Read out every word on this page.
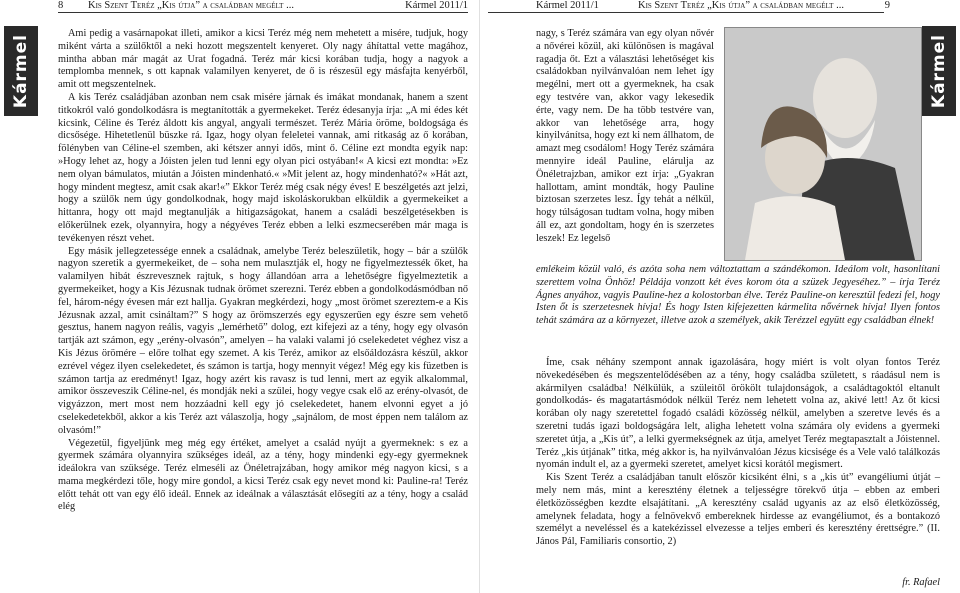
8 Kis Szent Teréz „Kis útja” a családban megélt ...	Kármel 2011/1
Kármel

Ami pedig a vasárnapokat illeti, amikor a kicsi Teréz még nem mehetett a misére, tudjuk, hogy miként várta a szülőktől a neki hozott megszentelt kenyeret. Oly nagy áhítattal vette magához, mintha abban már magát az Urat fogadná. Teréz már kicsi korában tudja, hogy a nagyok a templomba mennek, s ott kapnak valamilyen kenyeret, de ő is részesül egy másfajta kenyérből, amit ott megszentelnek.

A kis Teréz családjában azonban nem csak misére járnak és imákat mondanak, hanem a szent titkokról való gondolkodásra is megtanították a gyermekeket. Teréz édesanyja írja: „A mi édes két kicsink, Céline és Teréz áldott kis angyal, angyali természet. Teréz Mária öröme, boldogsága és dicsősége. Hihetetlenül büszke rá. Igaz, hogy olyan feleletei vannak, ami ritkaság az ő korában, fölényben van Céline-el szemben, aki kétszer annyi idős, mint ő. Céline ezt mondta egyik nap: »Hogy lehet az, hogy a Jóisten jelen tud lenni egy olyan pici ostyában!« A kicsi ezt mondta: »Ez nem olyan bámulatos, miután a Jóisten mindenható.« »Mit jelent az, hogy mindenható?« »Hát azt, hogy mindent megtesz, amit csak akar!«” Ekkor Teréz még csak négy éves! E beszélgetés azt jelzi, hogy a szülők nem úgy gondolkodnak, hogy majd iskoláskorukban elküldik a gyermekeiket a hittanra, hogy ott majd megtanulják a hitigazságokat, hanem a családi beszélgetésekben is előkerülnek ezek, olyannyira, hogy a négyéves Teréz ebben a lelki eszmecserében már maga is tevékenyen részt vehet.

Egy másik jellegzetessége ennek a családnak, amelybe Teréz beleszületik, hogy – bár a szülők nagyon szeretik a gyermekeiket, de – soha nem mulasztják el, hogy ne figyelmeztessék őket, ha valamilyen hibát észrevesznek rajtuk, s hogy állandóan arra a lehetőségre figyelmeztetik a gyermekeiket, hogy a Kis Jézusnak tudnak örömet szerezni. Teréz ebben a gondolkodásmódban nő fel, három-négy évesen már ezt hallja. Gyakran megkérdezi, hogy „most örömet szereztem-e a Kis Jézusnak azzal, amit csináltam?” S hogy az örömszerzés egy egyszerűen egy észre sem vehető gesztus, hanem nagyon reális, vagyis „lemérhető” dolog, ezt kifejezi az a tény, hogy egy olvasón tartják azt számon, egy „erény-olvasón”, amelyen – ha valaki valami jó cselekedetet véghez visz a Kis Jézus örömére – előre tolhat egy szemet. A kis Teréz, amikor az elsőáldozásra készül, akkor ezrével végez ilyen cselekedetet, és számon is tartja, hogy mennyit végez! Még egy kis füzetben is számon tartja az eredményt! Igaz, hogy azért kis ravasz is tud lenni, mert az egyik alkalommal, amikor összeveszik Céline-nel, és mondják neki a szülei, hogy vegye csak elő az erény-olvasót, de vigyázzon, mert most nem hozzáadni kell egy jó cselekedetet, hanem elvonni egyet a jó cselekedetekből, akkor a kis Teréz azt válaszolja, hogy „sajnálom, de most éppen nem találom az olvasóm!”

Végezetül, figyeljünk meg még egy értéket, amelyet a család nyújt a gyermeknek: s ez a gyermek számára olyannyira szükséges ideál, az a tény, hogy mindenki egy-egy gyermeknek ideálokra van szüksége. Teréz elmeséli az Önéletrajzában, hogy amikor még nagyon kicsi, s a mama megkérdezi tőle, hogy mire gondol, a kicsi Teréz csak egy nevet mond ki: Pauline-ra! Teréz előtt tehát ott van egy élő ideál. Ennek az ideálnak a választását elősegíti az a tény, hogy a család elég

Kármel 2011/1	Kis Szent Teréz „Kis útja” a családban megélt ...	9
Kármel

nagy, s Teréz számára van egy olyan nővér a nővérei közül, aki különösen is magával ragadja őt. Ezt a választási lehetőséget kis családokban nyilvánvalóan nem lehet így megélni, mert ott a gyermeknek, ha csak egy testvére van, akkor vagy lekesedik érte, vagy nem. De ha több testvére van, akkor van lehetősége arra, hogy kinyilvánítsa, hogy ezt ki nem állhatom, de amazt meg csodálom! Hogy Teréz számára mennyire ideál Pauline, elárulja az Önéletrajzban, amikor ezt írja: „Gyakran hallottam, amint mondták, hogy Pauline biztosan szerzetes lesz. Így tehát a nélkül, hogy túlságosan tudtam volna, hogy miben áll ez, azt gondoltam, hogy én is szerzetes leszek! Ez legelső

emlékeim közül való, és azóta soha nem változtattam a szándékomon. Ideálom volt, hasonlítani szerettem volna Önhöz! Példája vonzott két éves korom óta a szüzek Jegyeséhez.” – írja Teréz Ágnes anyához, vagyis Pauline-hez a kolostorban élve. Teréz Pauline-on keresztül fedezi fel, hogy Isten őt is szerzetesnek hívja! És hogy Isten kifejezetten kármelita nővérnek hívja! Ilyen fontos tehát számára az a környezet, illetve azok a személyek, akik Terézzel együtt egy családban élnek!

Íme, csak néhány szempont annak igazolására, hogy miért is volt olyan fontos Teréz növekedésében és megszentelődésében az a tény, hogy családba született, s ráadásul nem is akármilyen családba! Nélkülük, a szüleitől örökölt tulajdonságok, a családtagoktól eltanult gondolkodás- és magatartásmódok nélkül Teréz nem lehetett volna az, akivé lett! Az őt kicsi korában oly nagy szeretettel fogadó családi közösség nélkül, amelyben a szeretve levés és a szeretni tudás igazi boldogságára lelt, aligha lehetett volna számára oly evidens a gyermeki szeretet útja, a „Kis út”, a lelki gyermekségnek az útja, amelyet Teréz megtapasztalt a Jóistennel. Teréz „kis útjának” titka, még akkor is, ha nyilvánvalóan Jézus kicsisége és a Vele való találkozás nyomán indult el, az a gyermeki szeretet, amelyet kicsi korától megismert.

Kis Szent Teréz a családjában tanult először kicsiként élni, s a „kis út” evangéliumi útját – mely nem más, mint a keresztény életnek a teljességre törekvő útja – ebben az emberi életközösségben kezdte elsajátítani. „A keresztény család ugyanis az az első életközösség, amelynek feladata, hogy a felnövekvő embereknek hirdesse az evangéliumot, és a bontakozó személyt a neveléssel és a katekézissel elvezesse a teljes emberi és keresztény érettségre.” (II. János Pál, Familiaris consortio, 2)

fr. Rafael
